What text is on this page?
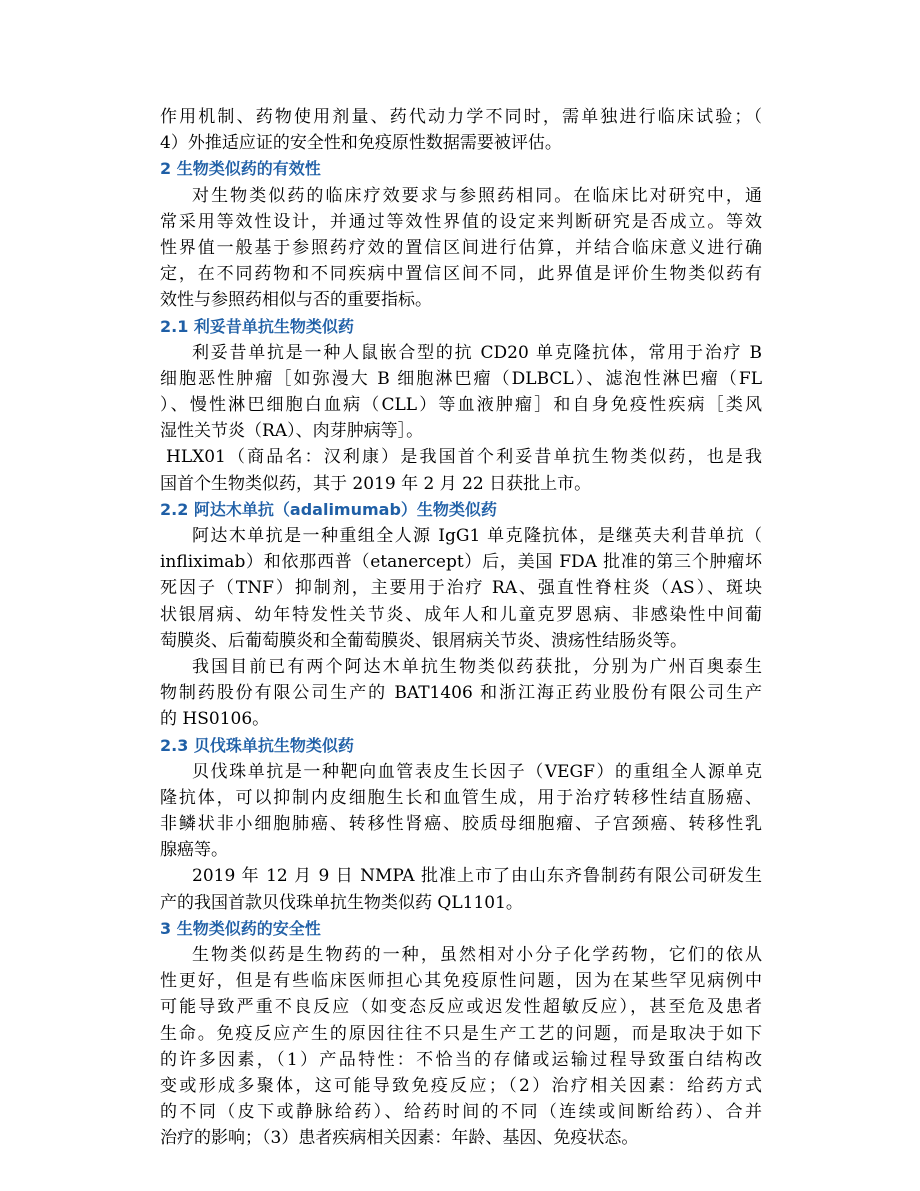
作用机制、药物使用剂量、药代动力学不同时，需单独进行临床试验；（
4）外推适应证的安全性和免疫原性数据需要被评估。
2 生物类似药的有效性
对生物类似药的临床疗效要求与参照药相同。在临床比对研究中，通
常采用等效性设计，并通过等效性界值的设定来判断研究是否成立。等效
性界值一般基于参照药疗效的置信区间进行估算，并结合临床意义进行确
定，在不同药物和不同疾病中置信区间不同，此界值是评价生物类似药有
效性与参照药相似与否的重要指标。
2.1 利妥昔单抗生物类似药
利妥昔单抗是一种人鼠嵌合型的抗 CD20 单克隆抗体，常用于治疗 B
细胞恶性肿瘤［如弥漫大 B 细胞淋巴瘤（DLBCL）、滤泡性淋巴瘤（FL
）、慢性淋巴细胞白血病（CLL）等血液肿瘤］和自身免疫性疾病［类风
湿性关节炎（RA）、肉芽肿病等］。
HLX01（商品名：汉利康）是我国首个利妥昔单抗生物类似药，也是我
国首个生物类似药，其于 2019 年 2 月 22 日获批上市。
2.2 阿达木单抗（adalimumab）生物类似药
阿达木单抗是一种重组全人源 IgG1 单克隆抗体，是继英夫利昔单抗（
infliximab）和依那西普（etanercept）后，美国 FDA 批准的第三个肿瘤坏
死因子（TNF）抑制剂，主要用于治疗 RA、强直性脊柱炎（AS）、斑块
状银屑病、幼年特发性关节炎、成年人和儿童克罗恩病、非感染性中间葡
萄膜炎、后葡萄膜炎和全葡萄膜炎、银屑病关节炎、溃疡性结肠炎等。
我国目前已有两个阿达木单抗生物类似药获批，分别为广州百奥泰生
物制药股份有限公司生产的 BAT1406 和浙江海正药业股份有限公司生产
的 HS0106。
2.3 贝伐珠单抗生物类似药
贝伐珠单抗是一种靶向血管表皮生长因子（VEGF）的重组全人源单克
隆抗体，可以抑制内皮细胞生长和血管生成，用于治疗转移性结直肠癌、
非鳞状非小细胞肺癌、转移性肾癌、胶质母细胞瘤、子宫颈癌、转移性乳
腺癌等。
2019 年 12 月 9 日 NMPA 批准上市了由山东齐鲁制药有限公司研发生
产的我国首款贝伐珠单抗生物类似药 QL1101。
3 生物类似药的安全性
生物类似药是生物药的一种，虽然相对小分子化学药物，它们的依从
性更好，但是有些临床医师担心其免疫原性问题，因为在某些罕见病例中
可能导致严重不良反应（如变态反应或迟发性超敏反应），甚至危及患者
生命。免疫反应产生的原因往往不只是生产工艺的问题，而是取决于如下
的许多因素，（1）产品特性：不恰当的存储或运输过程导致蛋白结构改
变或形成多聚体，这可能导致免疫反应；（2）治疗相关因素：给药方式
的不同（皮下或静脉给药）、给药时间的不同（连续或间断给药）、合并
治疗的影响；（3）患者疾病相关因素：年龄、基因、免疫状态。
